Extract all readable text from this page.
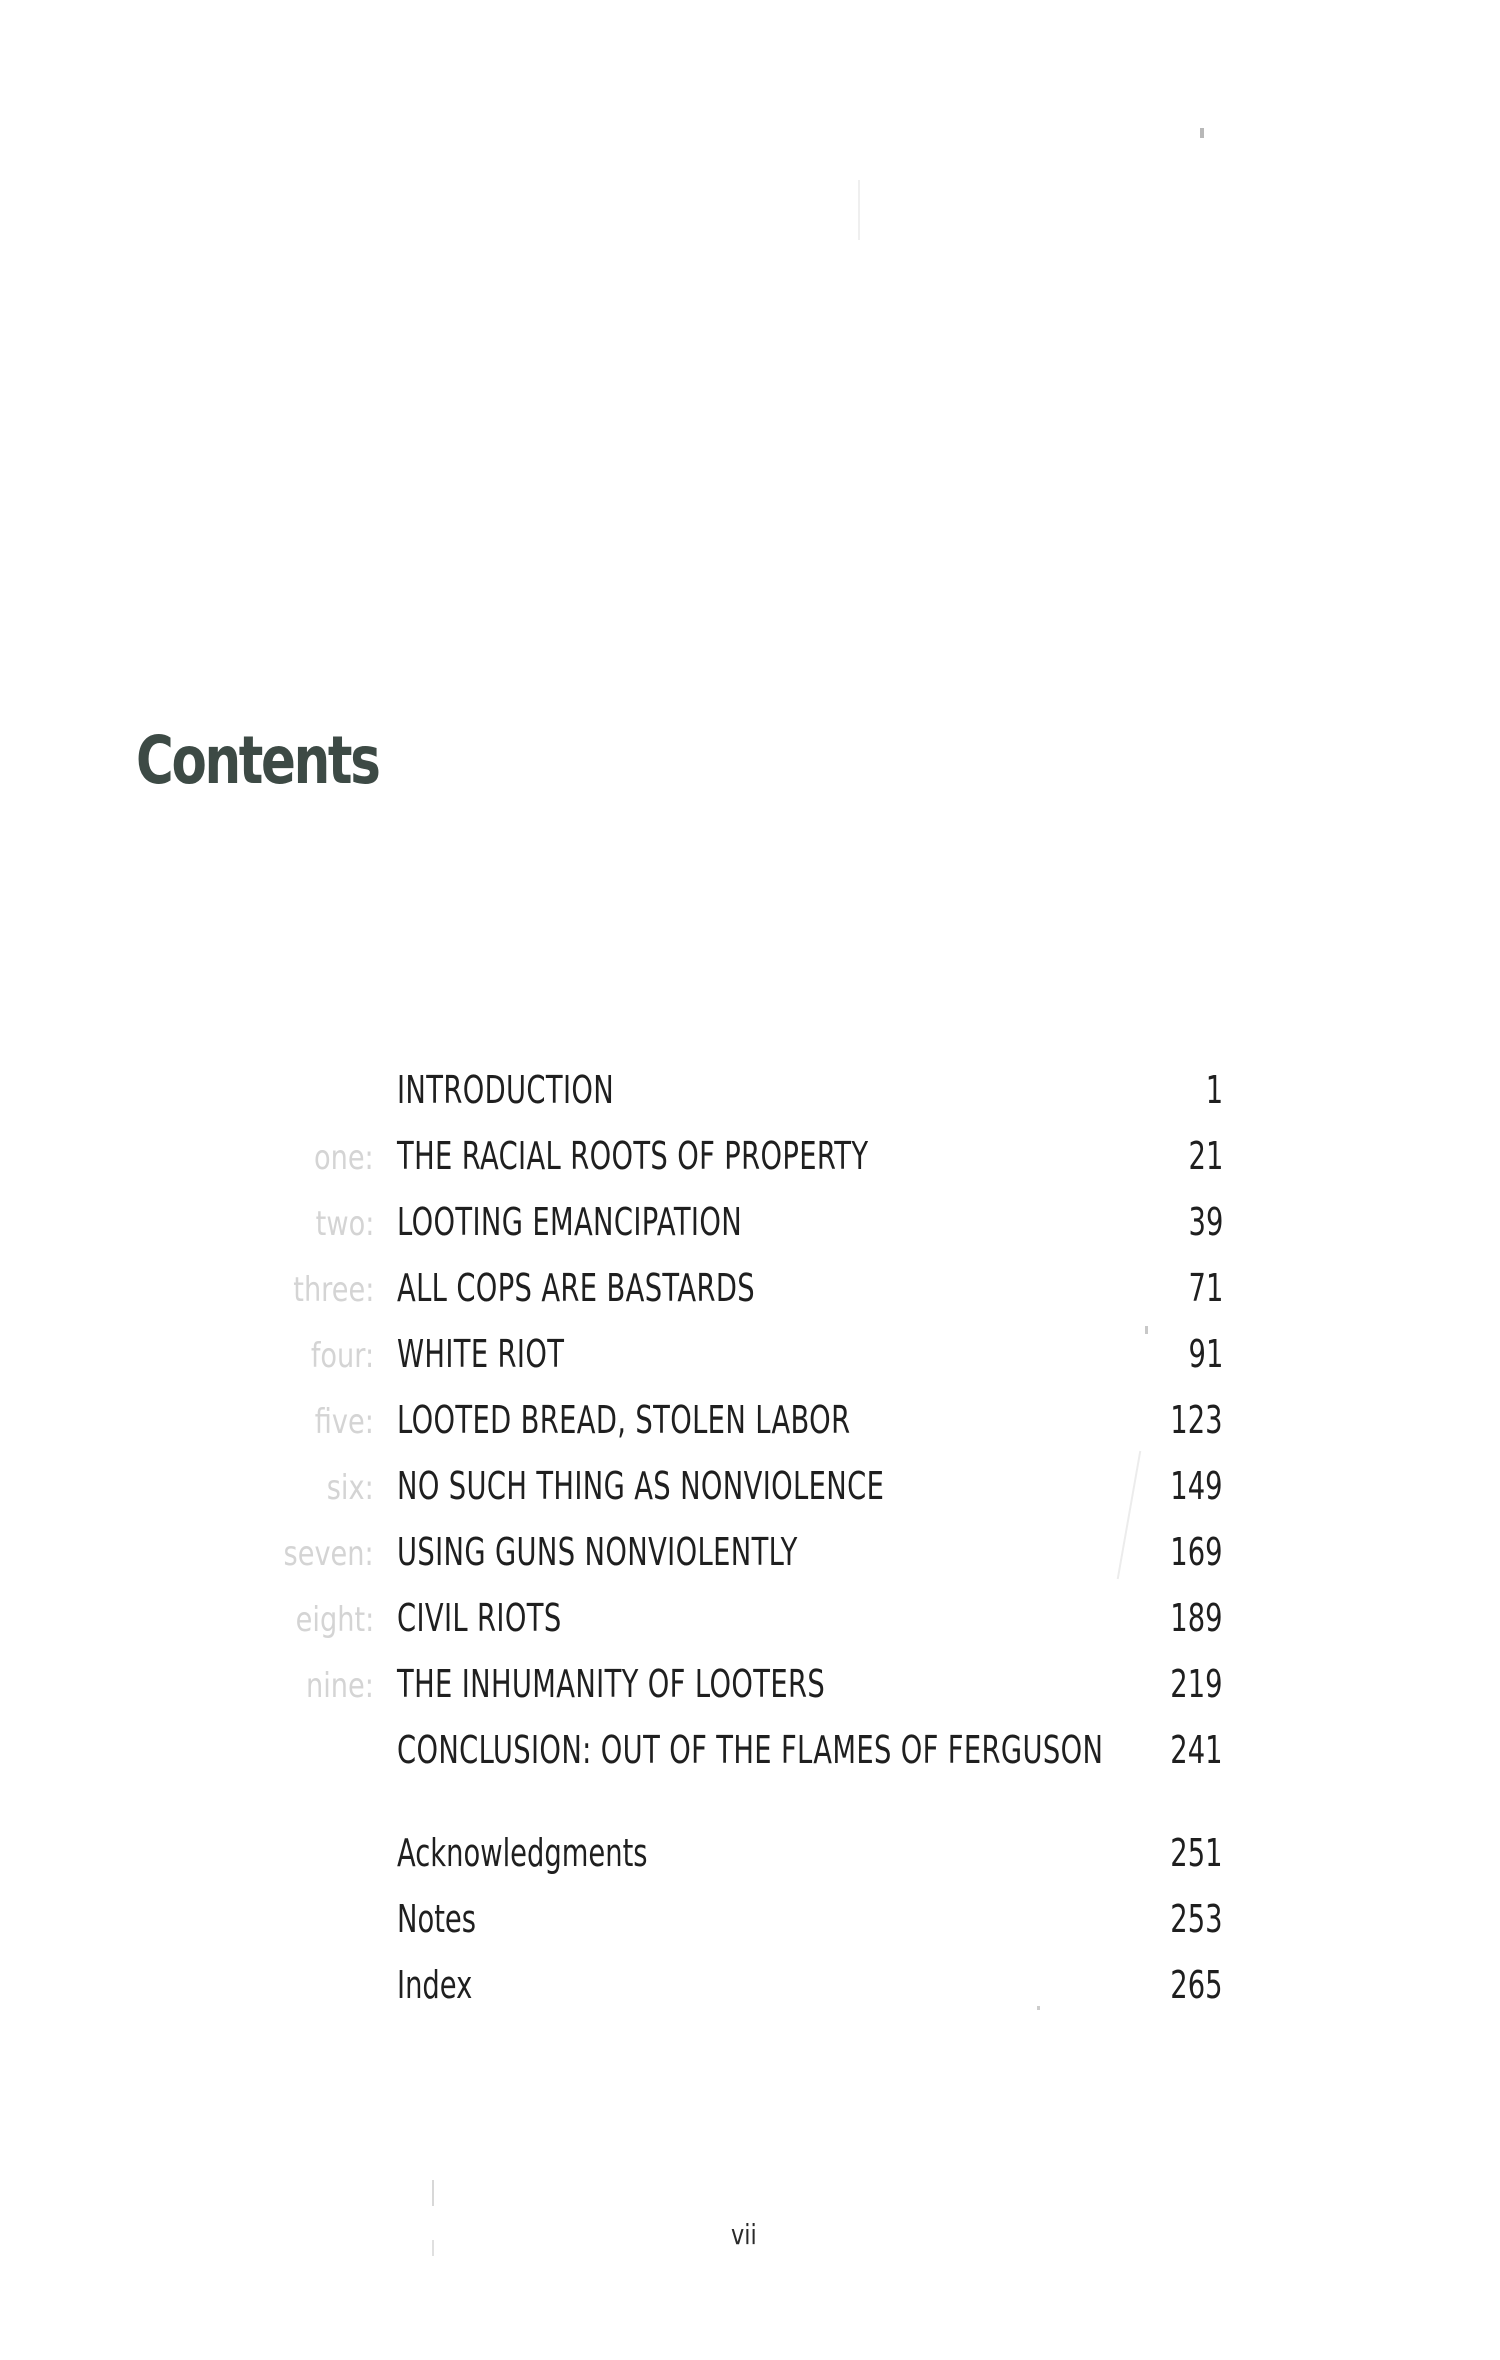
Contents
INTRODUCTION	1
one: THE RACIAL ROOTS OF PROPERTY	21
two: LOOTING EMANCIPATION	39
three: ALL COPS ARE BASTARDS	71
four: WHITE RIOT	91
five: LOOTED BREAD, STOLEN LABOR	123
six: NO SUCH THING AS NONVIOLENCE	149
seven: USING GUNS NONVIOLENTLY	169
eight: CIVIL RIOTS	189
nine: THE INHUMANITY OF LOOTERS	219
CONCLUSION: OUT OF THE FLAMES OF FERGUSON 241
Acknowledgments	251
Notes	253
Index	265
vii
